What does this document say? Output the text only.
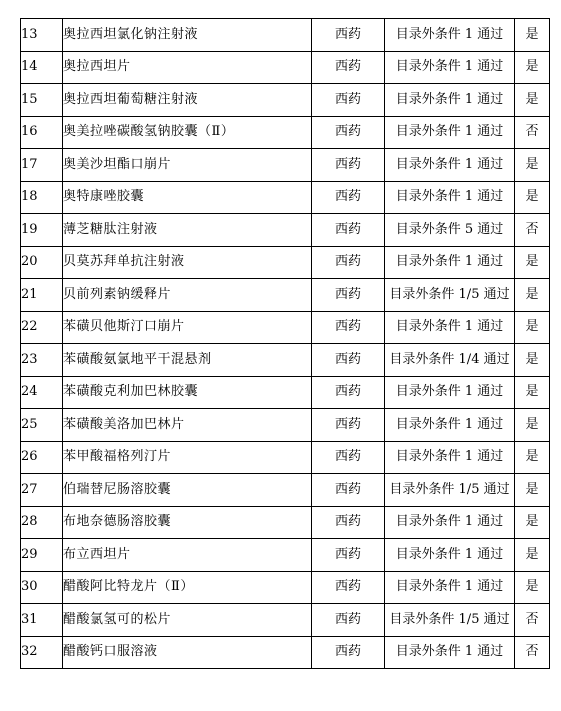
13	奥拉西坦氯化钠注射液	西药	目录外条件 1 通过	是
14	奥拉西坦片	西药	目录外条件 1 通过	是
15	奥拉西坦葡萄糖注射液	西药	目录外条件 1 通过	是
16	奥美拉唑碳酸氢钠胶囊（Ⅱ）	西药	目录外条件 1 通过	否
17	奥美沙坦酯口崩片	西药	目录外条件 1 通过	是
18	奥特康唑胶囊	西药	目录外条件 1 通过	是
19	薄芝糖肽注射液	西药	目录外条件 5 通过	否
20	贝莫苏拜单抗注射液	西药	目录外条件 1 通过	是
21	贝前列素钠缓释片	西药	目录外条件 1/5 通过	是
22	苯磺贝他斯汀口崩片	西药	目录外条件 1 通过	是
23	苯磺酸氨氯地平干混悬剂	西药	目录外条件 1/4 通过	是
24	苯磺酸克利加巴林胶囊	西药	目录外条件 1 通过	是
25	苯磺酸美洛加巴林片	西药	目录外条件 1 通过	是
26	苯甲酸福格列汀片	西药	目录外条件 1 通过	是
27	伯瑞替尼肠溶胶囊	西药	目录外条件 1/5 通过	是
28	布地奈德肠溶胶囊	西药	目录外条件 1 通过	是
29	布立西坦片	西药	目录外条件 1 通过	是
30	醋酸阿比特龙片（Ⅱ）	西药	目录外条件 1 通过	是
31	醋酸氯氢可的松片	西药	目录外条件 1/5 通过	否
32	醋酸钙口服溶液	西药	目录外条件 1 通过	否
